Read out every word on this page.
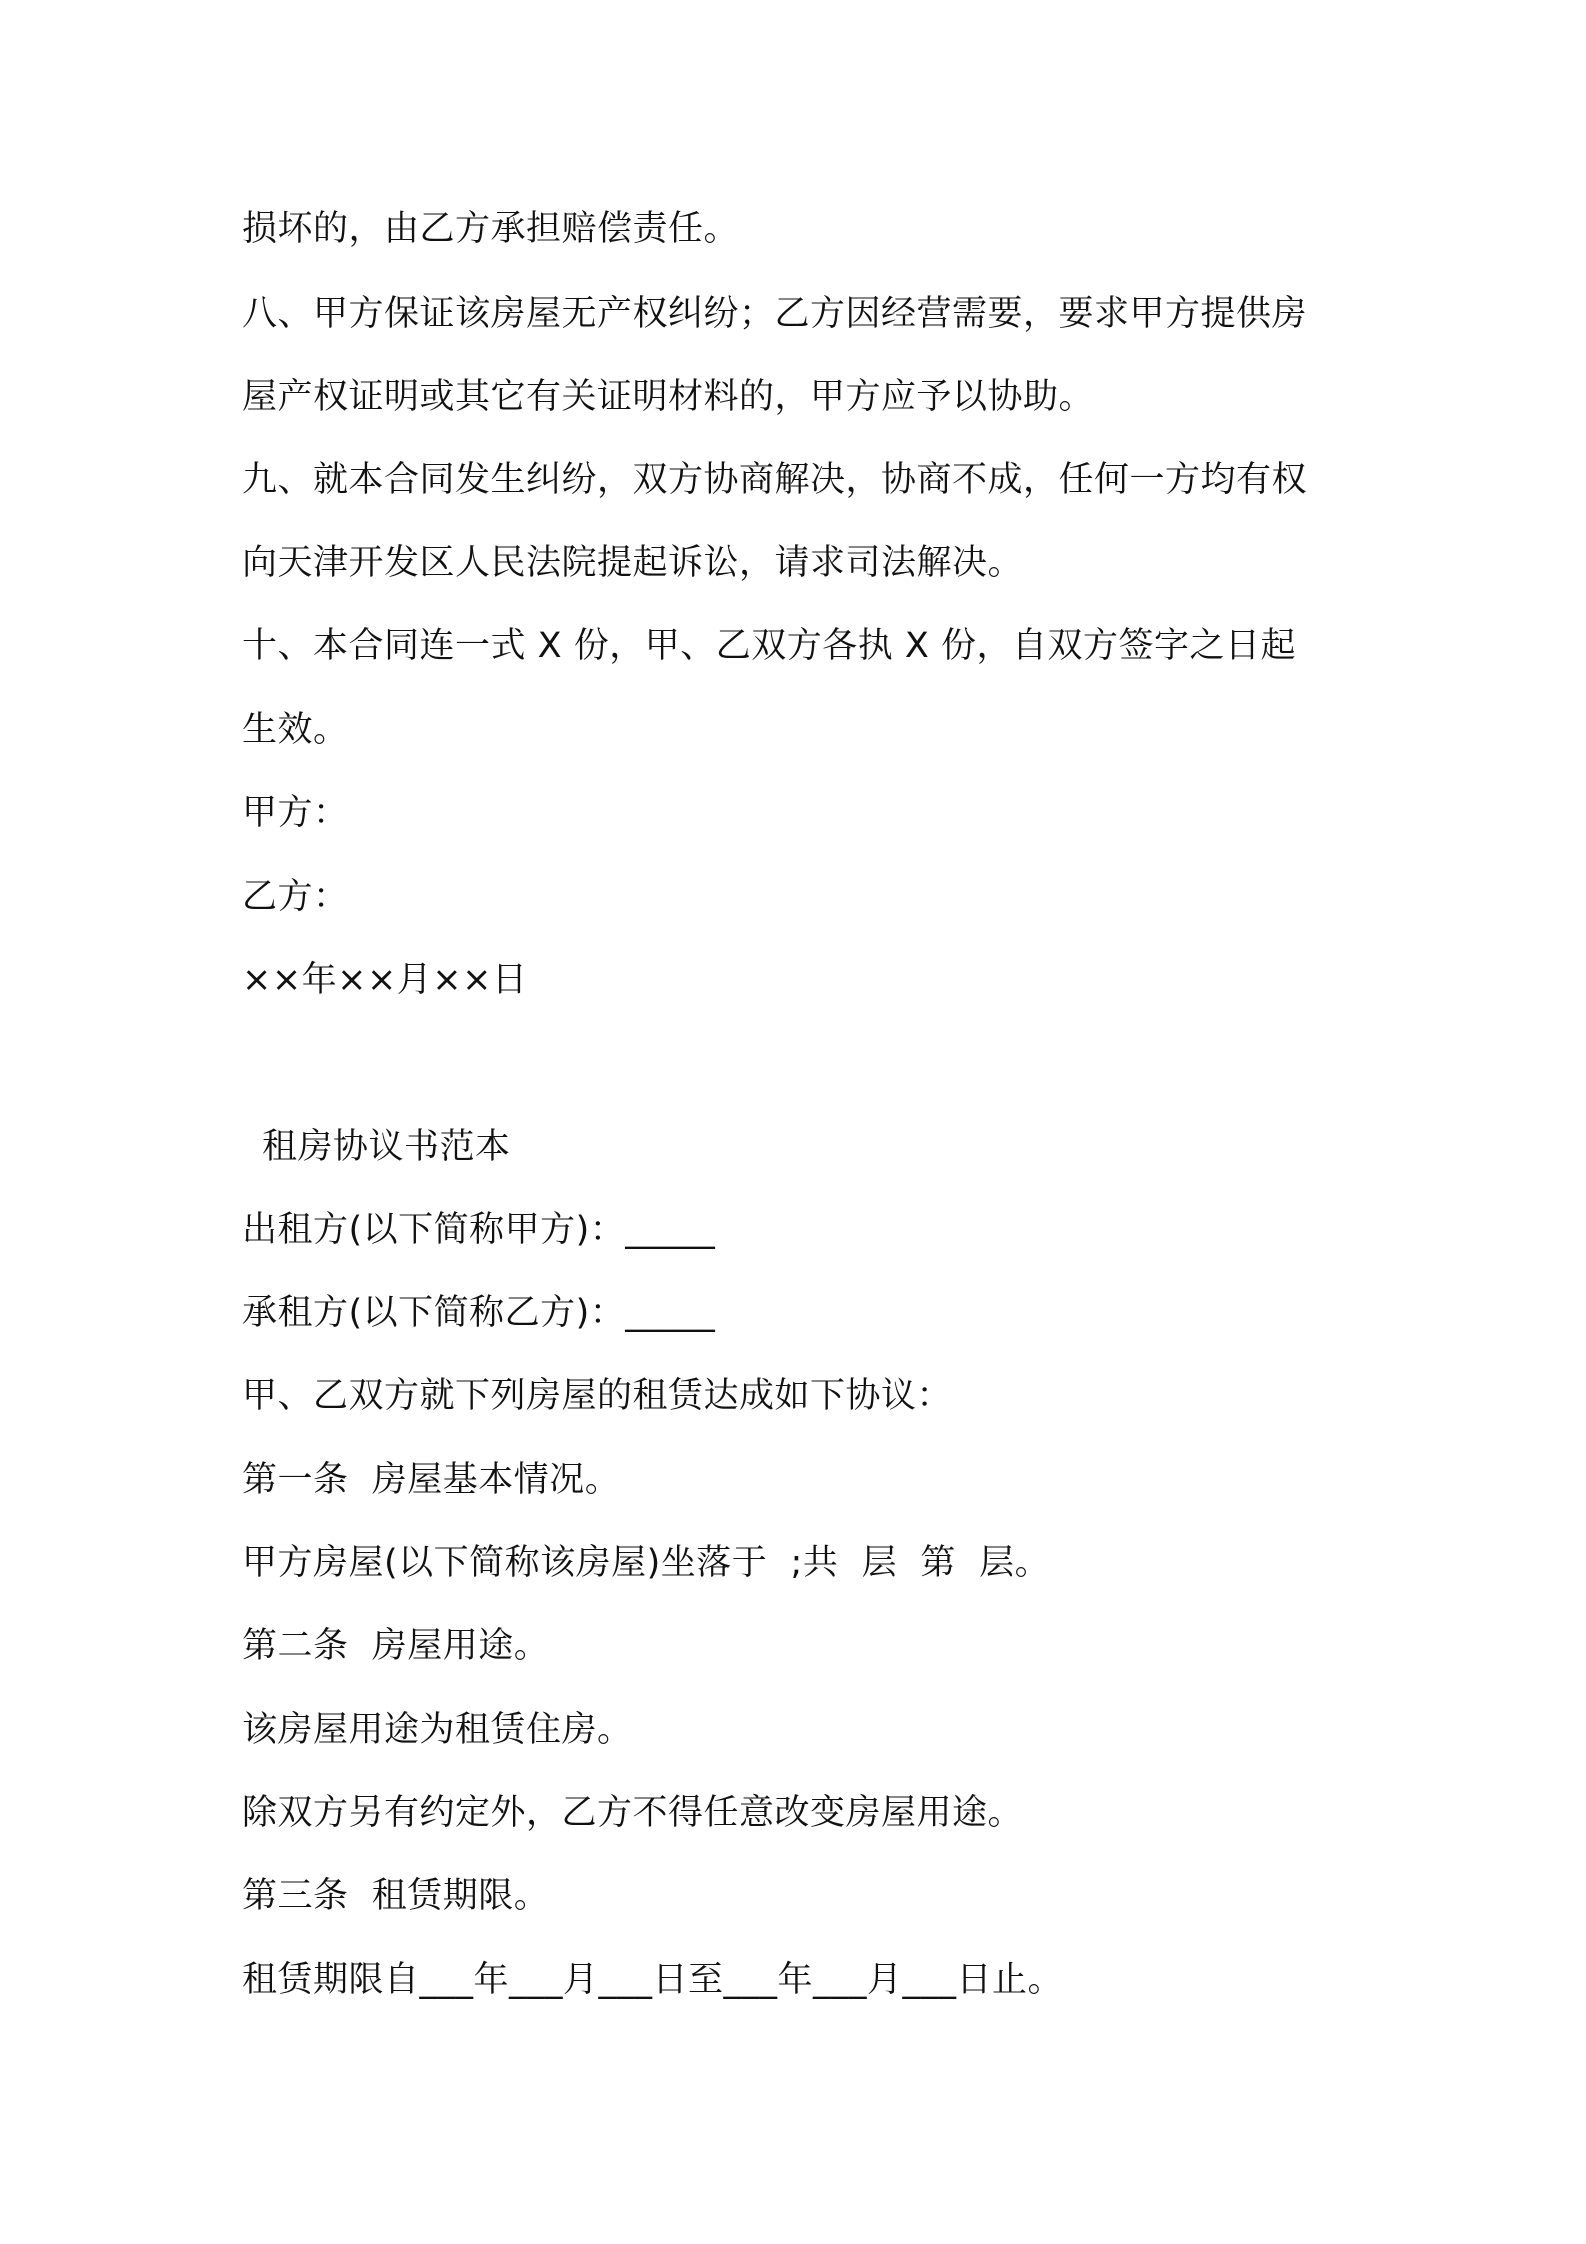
损坏的，由乙方承担赔偿责任。
八、甲方保证该房屋无产权纠纷；乙方因经营需要，要求甲方提供房
屋产权证明或其它有关证明材料的，甲方应予以协助。
九、就本合同发生纠纷，双方协商解决，协商不成，任何一方均有权
向天津开发区人民法院提起诉讼，请求司法解决。
十、本合同连一式 X 份，甲、乙双方各执 X 份，自双方签字之日起
生效。
甲方：
乙方：
××年××月××日
租房协议书范本
出租方(以下简称甲方)：_____
承租方(以下简称乙方)：_____
甲、乙双方就下列房屋的租赁达成如下协议：
第一条  房屋基本情况。
甲方房屋(以下简称该房屋)坐落于  ;共  层  第  层。
第二条  房屋用途。
该房屋用途为租赁住房。
除双方另有约定外，乙方不得任意改变房屋用途。
第三条  租赁期限。
租赁期限自___年___月___日至___年___月___日止。
